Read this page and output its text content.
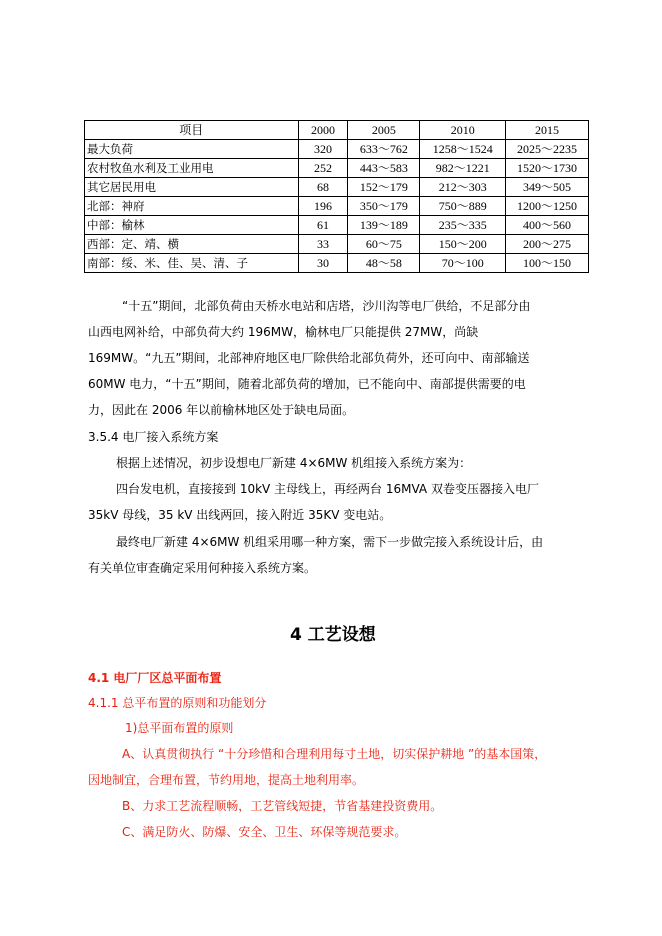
项目	2000	2005	2010	2015
最大负荷	320	633～762	1258～1524	2025～2235
农村牧鱼水利及工业用电	252	443～583	982～1221	1520～1730
其它居民用电	68	152～179	212～303	349～505
北部：神府	196	350～179	750～889	1200～1250
中部：榆林	61	139～189	235～335	400～560
西部：定、靖、横	33	60～75	150～200	200～275
南部：绥、米、佳、吴、清、子	30	48～58	70～100	100～150
“十五”期间，北部负荷由天桥水电站和店塔，沙川沟等电厂供给，不足部分由
山西电网补给，中部负荷大约 196MW，榆林电厂只能提供 27MW，尚缺
169MW。“九五”期间，北部神府地区电厂除供给北部负荷外，还可向中、南部输送
60MW 电力，“十五”期间，随着北部负荷的增加，已不能向中、南部提供需要的电
力，因此在 2006 年以前榆林地区处于缺电局面。
3.5.4 电厂接入系统方案
根据上述情况，初步设想电厂新建 4×6MW 机组接入系统方案为：
四台发电机，直接接到 10kV 主母线上，再经两台 16MVA 双卷变压器接入电厂
35kV 母线，35 kV 出线两回，接入附近 35KV 变电站。
最终电厂新建 4×6MW 机组采用哪一种方案，需下一步做完接入系统设计后，由
有关单位审查确定采用何种接入系统方案。
4 工艺设想
4.1 电厂厂区总平面布置
4.1.1 总平布置的原则和功能划分
1)总平面布置的原则
A、认真贯彻执行 “十分珍惜和合理利用每寸土地，切实保护耕地 ”的基本国策，
因地制宜，合理布置，节约用地，提高土地利用率。
B、力求工艺流程顺畅，工艺管线短捷，节省基建投资费用。
C、满足防火、防爆、安全、卫生、环保等规范要求。
